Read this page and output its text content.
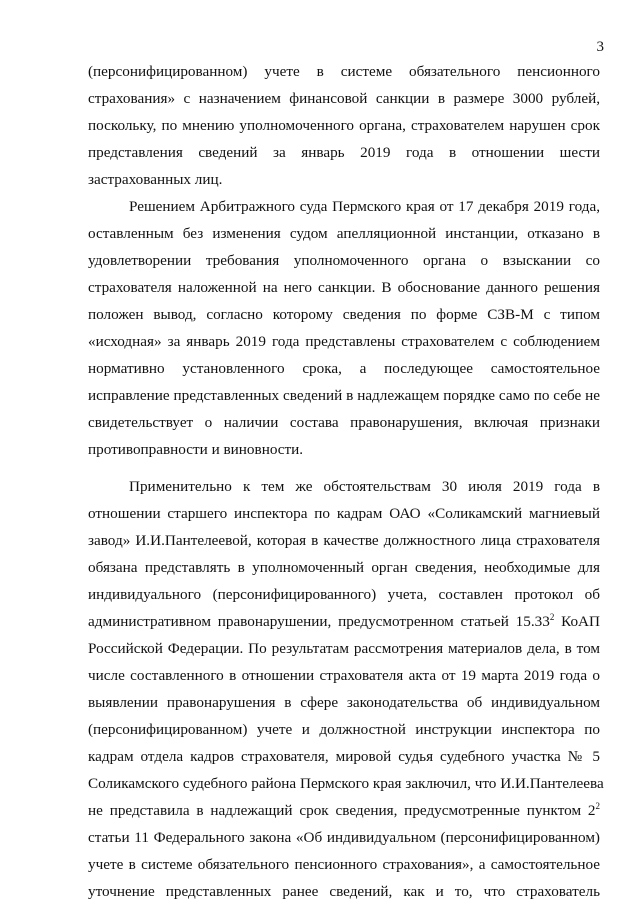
3
(персонифицированном) учете в системе обязательного пенсионного
страхования» с назначением финансовой санкции в размере 3000 рублей,
поскольку, по мнению уполномоченного органа, страхователем нарушен срок
представления сведений за январь 2019 года в отношении шести
застрахованных лиц.
Решением Арбитражного суда Пермского края от 17 декабря 2019 года,
оставленным без изменения судом апелляционной инстанции, отказано в
удовлетворении требования уполномоченного органа о взыскании со
страхователя наложенной на него санкции. В обоснование данного решения
положен вывод, согласно которому сведения по форме СЗВ-М с типом
«исходная» за январь 2019 года представлены страхователем с соблюдением
нормативно установленного срока, а последующее самостоятельное
исправление представленных сведений в надлежащем порядке само по себе не
свидетельствует о наличии состава правонарушения, включая признаки
противоправности и виновности.
Применительно к тем же обстоятельствам 30 июля 2019 года в
отношении старшего инспектора по кадрам ОАО «Соликамский магниевый
завод» И.И.Пантелеевой, которая в качестве должностного лица страхователя
обязана представлять в уполномоченный орган сведения, необходимые для
индивидуального (персонифицированного) учета, составлен протокол об
административном правонарушении, предусмотренном статьей 15.33$^2$ КоАП
Российской Федерации. По результатам рассмотрения материалов дела, в том
числе составленного в отношении страхователя акта от 19 марта 2019 года о
выявлении правонарушения в сфере законодательства об индивидуальном
(персонифицированном) учете и должностной инструкции инспектора по
кадрам отдела кадров страхователя, мировой судья судебного участка № 5
Соликамского судебного района Пермского края заключил, что И.И.Пантелеева
не представила в надлежащий срок сведения, предусмотренные пунктом $2^2$
статьи 11 Федерального закона «Об индивидуальном (персонифицированном)
учете в системе обязательного пенсионного страхования», а самостоятельное
уточнение представленных ранее сведений, как и то, что страхователь
